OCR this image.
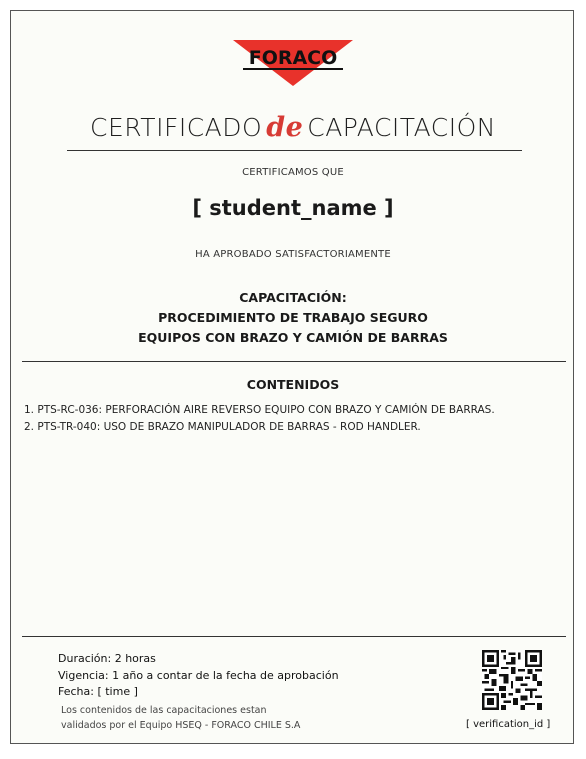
FORACO
CERTIFICADO de CAPACITACIÓN
CERTIFICAMOS QUE
[ student_name ]
HA APROBADO SATISFACTORIAMENTE
CAPACITACIÓN:
PROCEDIMIENTO DE TRABAJO SEGURO
EQUIPOS CON BRAZO Y CAMIÓN DE BARRAS
CONTENIDOS
1. PTS-RC-036: PERFORACIÓN AIRE REVERSO EQUIPO CON BRAZO Y CAMIÓN DE BARRAS.
2. PTS-TR-040: USO DE BRAZO MANIPULADOR DE BARRAS - ROD HANDLER.
Duración: 2 horas
Vigencia: 1 año a contar de la fecha de aprobación
Fecha: [ time ]
Los contenidos de las capacitaciones estan
validados por el Equipo HSEQ - FORACO CHILE S.A	[ verification_id ]
